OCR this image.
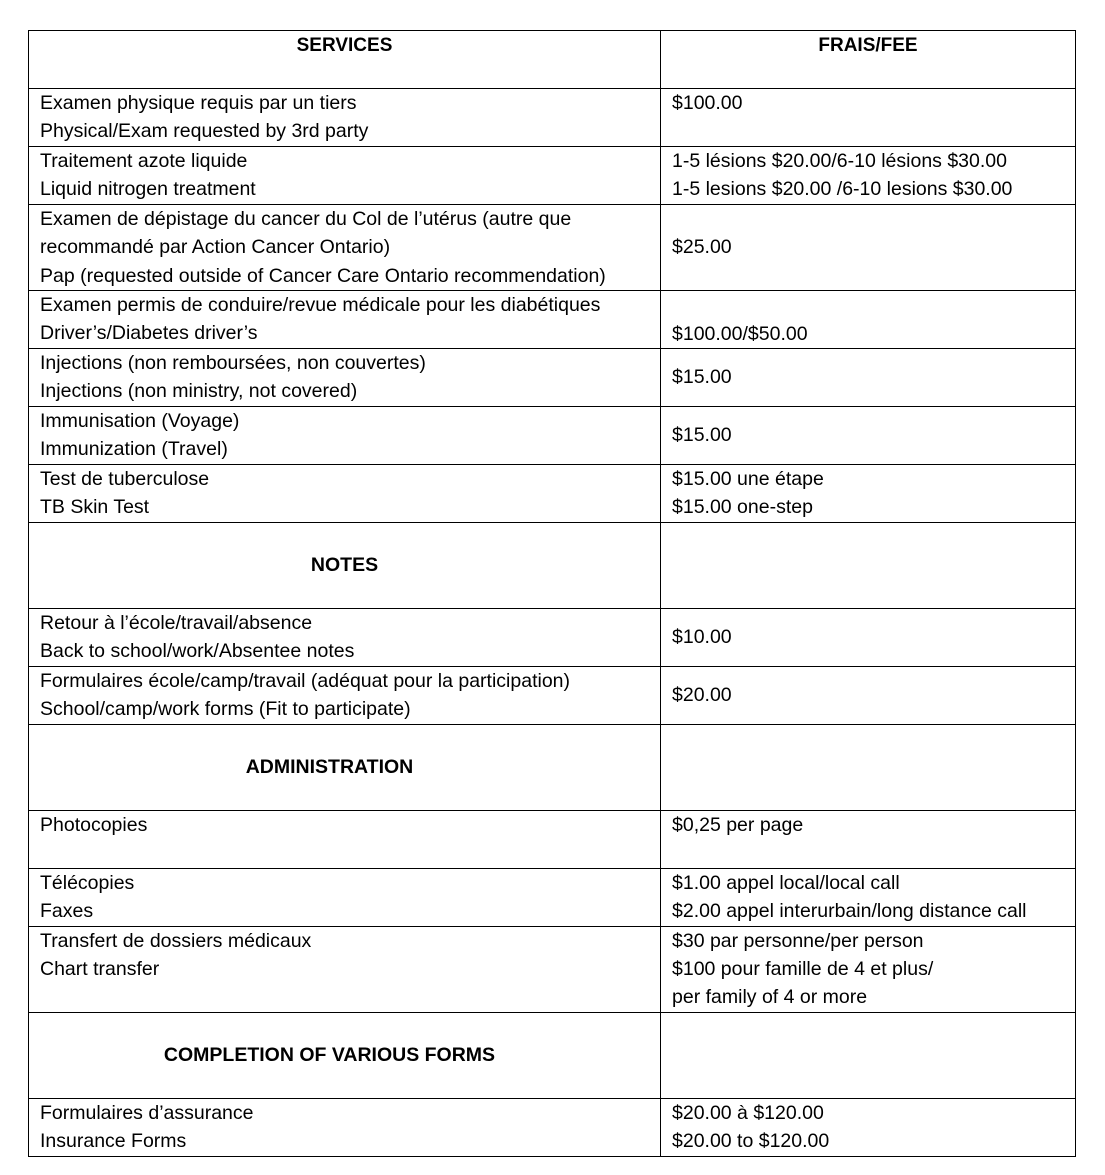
SERVICES	FRAIS/FEE

Examen physique requis par un tiers
Physical/Exam requested by 3rd party	$100.00

Traitement azote liquide
Liquid nitrogen treatment	1-5 lésions $20.00/6-10 lésions $30.00
1-5 lesions $20.00 /6-10 lesions $30.00

Examen de dépistage du cancer du Col de l’utérus (autre que
recommandé par Action Cancer Ontario)
Pap (requested outside of Cancer Care Ontario recommendation)	$25.00

Examen permis de conduire/revue médicale pour les diabétiques
Driver’s/Diabetes driver’s	$100.00/$50.00

Injections (non remboursées, non couvertes)
Injections (non ministry, not covered)	$15.00

Immunisation (Voyage)
Immunization (Travel)	$15.00

Test de tuberculose
TB Skin Test	$15.00 une étape
$15.00 one-step

NOTES	

Retour à l’école/travail/absence
Back to school/work/Absentee notes	$10.00

Formulaires école/camp/travail (adéquat pour la participation)
School/camp/work forms (Fit to participate)	$20.00

ADMINISTRATION	

Photocopies	$0,25 per page

Télécopies
Faxes	$1.00 appel local/local call
$2.00 appel interurbain/long distance call

Transfert de dossiers médicaux
Chart transfer	$30 par personne/per person
$100 pour famille de 4 et plus/
per family of 4 or more

COMPLETION OF VARIOUS FORMS	

Formulaires d’assurance
Insurance Forms	$20.00 à $120.00
$20.00 to $120.00
